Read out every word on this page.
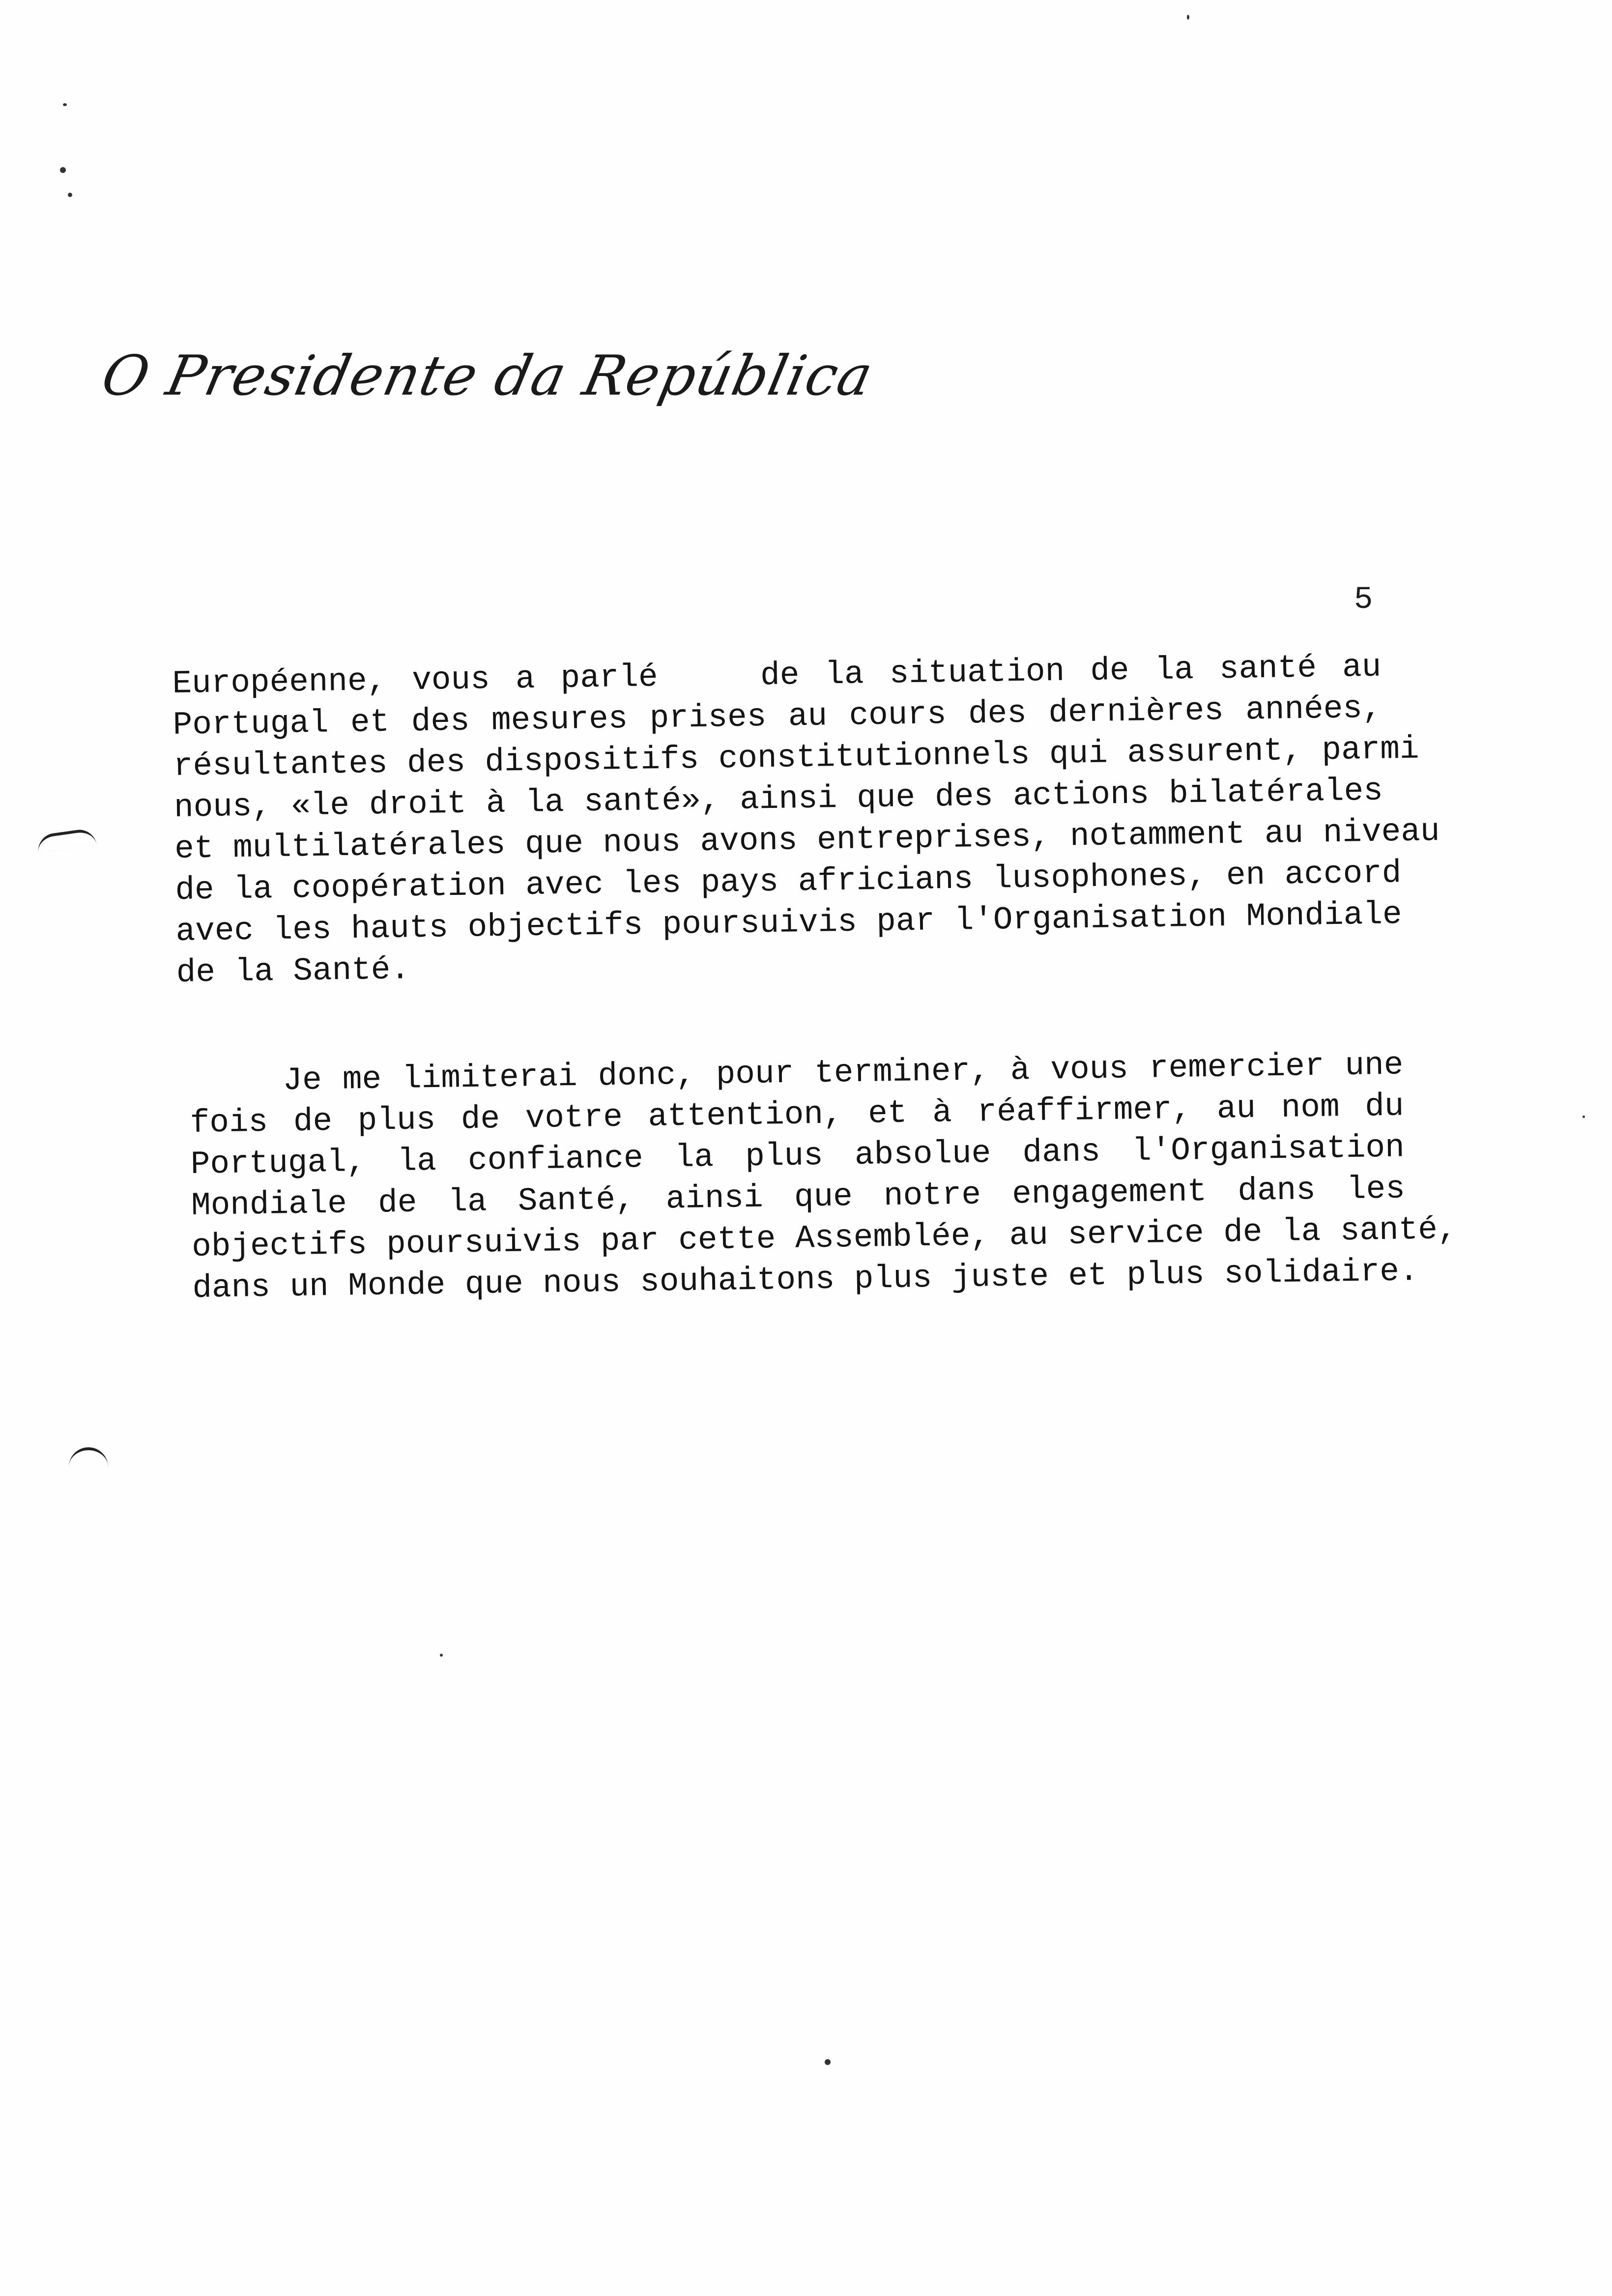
O Presidente da República
5
Européenne, vous a parlé    de la situation de la santé au
Portugal et des mesures prises au cours des dernières années,
résultantes des dispositifs constitutionnels qui assurent, parmi
nous, «le droit à la santé», ainsi que des actions bilatérales
et multilatérales que nous avons entreprises, notamment au niveau
de la coopération avec les pays africians lusophones, en accord
avec les hauts objectifs poursuivis par l'Organisation Mondiale
de la Santé.
Je me limiterai donc, pour terminer, à vous remercier une
fois de plus de votre attention, et à réaffirmer, au nom du
Portugal, la confiance la plus absolue dans l'Organisation
Mondiale de la Santé, ainsi que notre engagement dans les
objectifs poursuivis par cette Assemblée, au service de la santé,
dans un Monde que nous souhaitons plus juste et plus solidaire.
